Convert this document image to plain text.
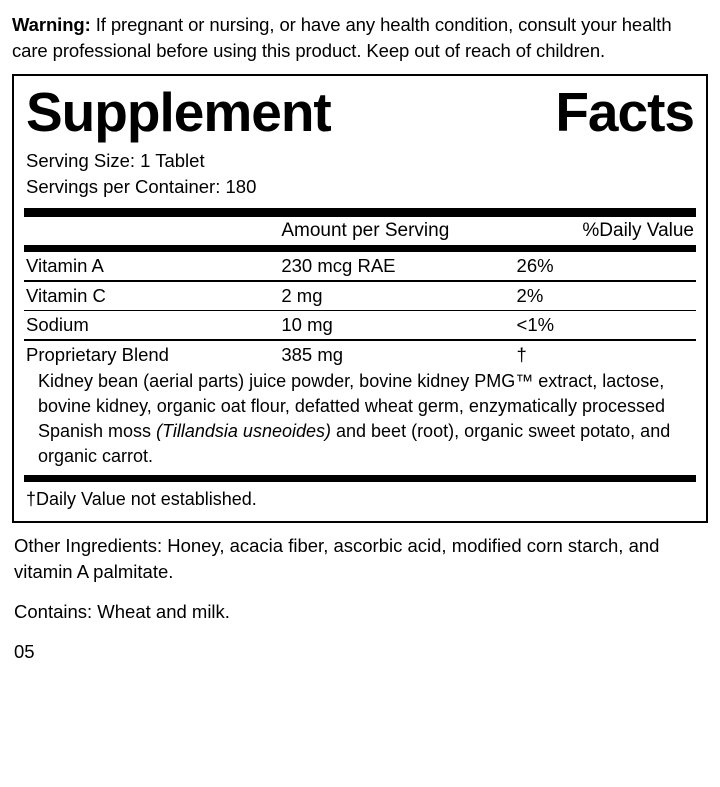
Warning: If pregnant or nursing, or have any health condition, consult your health care professional before using this product. Keep out of reach of children.
Supplement	Facts
Serving Size: 1 Tablet
Servings per Container: 180
	Amount per Serving	%Daily Value
Vitamin A	230 mcg RAE	26%

Vitamin C	2 mg	2%

Sodium	10 mg	<1%

Proprietary Blend	385 mg	†
Kidney bean (aerial parts) juice powder, bovine kidney PMG™ extract, lactose, bovine kidney, organic oat flour, defatted wheat germ, enzymatically processed Spanish moss (Tillandsia usneoides) and beet (root), organic sweet potato, and organic carrot.
†Daily Value not established.

Other Ingredients: Honey, acacia fiber, ascorbic acid, modified corn starch, and vitamin A palmitate.

Contains: Wheat and milk.

05
